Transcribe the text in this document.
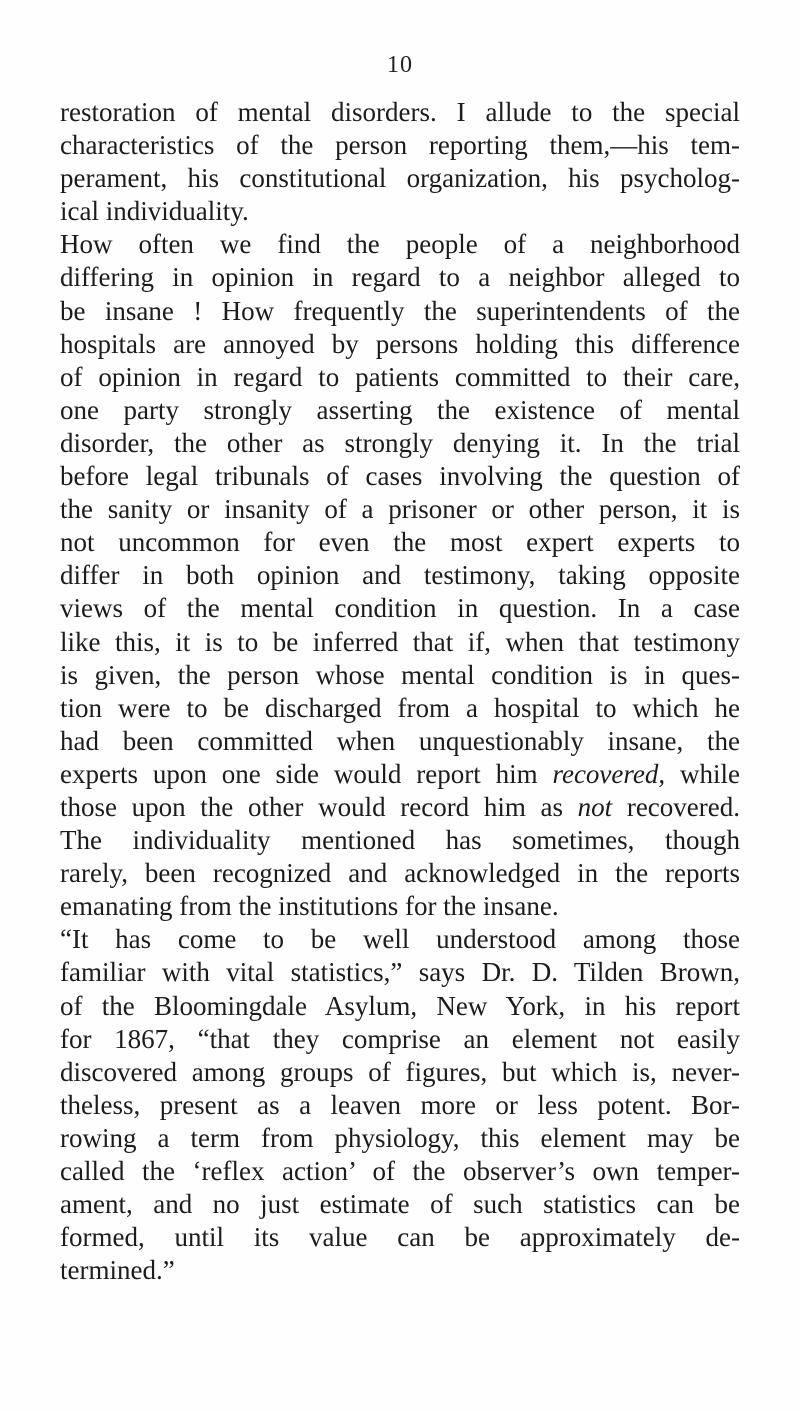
10
restoration of mental disorders. I allude to the special
characteristics of the person reporting them,—his tem-
perament, his constitutional organization, his psycholog-
ical individuality.
How often we find the people of a neighborhood
differing in opinion in regard to a neighbor alleged to
be insane ! How frequently the superintendents of the
hospitals are annoyed by persons holding this difference
of opinion in regard to patients committed to their care,
one party strongly asserting the existence of mental
disorder, the other as strongly denying it. In the trial
before legal tribunals of cases involving the question of
the sanity or insanity of a prisoner or other person, it is
not uncommon for even the most expert experts to
differ in both opinion and testimony, taking opposite
views of the mental condition in question. In a case
like this, it is to be inferred that if, when that testimony
is given, the person whose mental condition is in ques-
tion were to be discharged from a hospital to which he
had been committed when unquestionably insane, the
experts upon one side would report him recovered, while
those upon the other would record him as not recovered.
The individuality mentioned has sometimes, though
rarely, been recognized and acknowledged in the reports
emanating from the institutions for the insane.
“It has come to be well understood among those
familiar with vital statistics,” says Dr. D. Tilden Brown,
of the Bloomingdale Asylum, New York, in his report
for 1867, “that they comprise an element not easily
discovered among groups of figures, but which is, never-
theless, present as a leaven more or less potent. Bor-
rowing a term from physiology, this element may be
called the ‘reflex action’ of the observer’s own temper-
ament, and no just estimate of such statistics can be
formed, until its value can be approximately de-
termined.”
